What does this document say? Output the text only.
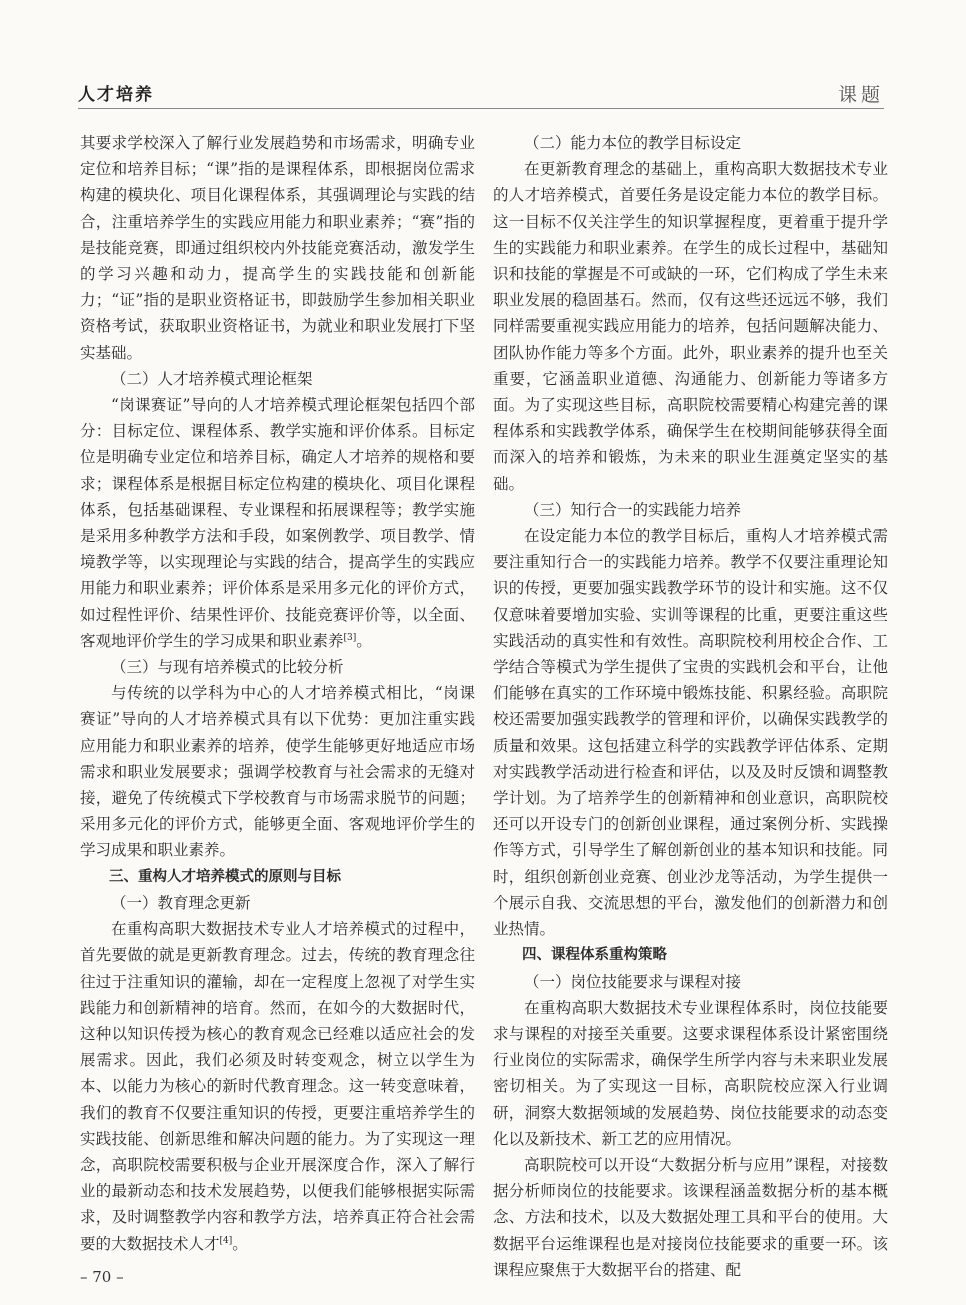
人才培养	课题

其要求学校深入了解行业发展趋势和市场需求，明确专业定位和培养目标；“课”指的是课程体系，即根据岗位需求构建的模块化、项目化课程体系，其强调理论与实践的结合，注重培养学生的实践应用能力和职业素养；“赛”指的是技能竞赛，即通过组织校内外技能竞赛活动，激发学生的学习兴趣和动力，提高学生的实践技能和创新能力；“证”指的是职业资格证书，即鼓励学生参加相关职业资格考试，获取职业资格证书，为就业和职业发展打下坚实基础。

（二）人才培养模式理论框架

“岗课赛证”导向的人才培养模式理论框架包括四个部分：目标定位、课程体系、教学实施和评价体系。目标定位是明确专业定位和培养目标，确定人才培养的规格和要求；课程体系是根据目标定位构建的模块化、项目化课程体系，包括基础课程、专业课程和拓展课程等；教学实施是采用多种教学方法和手段，如案例教学、项目教学、情境教学等，以实现理论与实践的结合，提高学生的实践应用能力和职业素养；评价体系是采用多元化的评价方式，如过程性评价、结果性评价、技能竞赛评价等，以全面、客观地评价学生的学习成果和职业素养[3]。

（三）与现有培养模式的比较分析

与传统的以学科为中心的人才培养模式相比，“岗课赛证”导向的人才培养模式具有以下优势：更加注重实践应用能力和职业素养的培养，使学生能够更好地适应市场需求和职业发展要求；强调学校教育与社会需求的无缝对接，避免了传统模式下学校教育与市场需求脱节的问题；采用多元化的评价方式，能够更全面、客观地评价学生的学习成果和职业素养。

三、重构人才培养模式的原则与目标

（一）教育理念更新

在重构高职大数据技术专业人才培养模式的过程中，首先要做的就是更新教育理念。过去，传统的教育理念往往过于注重知识的灌输，却在一定程度上忽视了对学生实践能力和创新精神的培育。然而，在如今的大数据时代，这种以知识传授为核心的教育观念已经难以适应社会的发展需求。因此，我们必须及时转变观念，树立以学生为本、以能力为核心的新时代教育理念。这一转变意味着，我们的教育不仅要注重知识的传授，更要注重培养学生的实践技能、创新思维和解决问题的能力。为了实现这一理念，高职院校需要积极与企业开展深度合作，深入了解行业的最新动态和技术发展趋势，以便我们能够根据实际需求，及时调整教学内容和教学方法，培养真正符合社会需要的大数据技术人才[4]。

（二）能力本位的教学目标设定

在更新教育理念的基础上，重构高职大数据技术专业的人才培养模式，首要任务是设定能力本位的教学目标。这一目标不仅关注学生的知识掌握程度，更着重于提升学生的实践能力和职业素养。在学生的成长过程中，基础知识和技能的掌握是不可或缺的一环，它们构成了学生未来职业发展的稳固基石。然而，仅有这些还远远不够，我们同样需要重视实践应用能力的培养，包括问题解决能力、团队协作能力等多个方面。此外，职业素养的提升也至关重要，它涵盖职业道德、沟通能力、创新能力等诸多方面。为了实现这些目标，高职院校需要精心构建完善的课程体系和实践教学体系，确保学生在校期间能够获得全面而深入的培养和锻炼，为未来的职业生涯奠定坚实的基础。

（三）知行合一的实践能力培养

在设定能力本位的教学目标后，重构人才培养模式需要注重知行合一的实践能力培养。教学不仅要注重理论知识的传授，更要加强实践教学环节的设计和实施。这不仅仅意味着要增加实验、实训等课程的比重，更要注重这些实践活动的真实性和有效性。高职院校利用校企合作、工学结合等模式为学生提供了宝贵的实践机会和平台，让他们能够在真实的工作环境中锻炼技能、积累经验。高职院校还需要加强实践教学的管理和评价，以确保实践教学的质量和效果。这包括建立科学的实践教学评估体系、定期对实践教学活动进行检查和评估，以及及时反馈和调整教学计划。为了培养学生的创新精神和创业意识，高职院校还可以开设专门的创新创业课程，通过案例分析、实践操作等方式，引导学生了解创新创业的基本知识和技能。同时，组织创新创业竞赛、创业沙龙等活动，为学生提供一个展示自我、交流思想的平台，激发他们的创新潜力和创业热情。

四、课程体系重构策略

（一）岗位技能要求与课程对接

在重构高职大数据技术专业课程体系时，岗位技能要求与课程的对接至关重要。这要求课程体系设计紧密围绕行业岗位的实际需求，确保学生所学内容与未来职业发展密切相关。为了实现这一目标，高职院校应深入行业调研，洞察大数据领域的发展趋势、岗位技能要求的动态变化以及新技术、新工艺的应用情况。

高职院校可以开设“大数据分析与应用”课程，对接数据分析师岗位的技能要求。该课程涵盖数据分析的基本概念、方法和技术，以及大数据处理工具和平台的使用。大数据平台运维课程也是对接岗位技能要求的重要一环。该课程应聚焦于大数据平台的搭建、配

– 70 –
